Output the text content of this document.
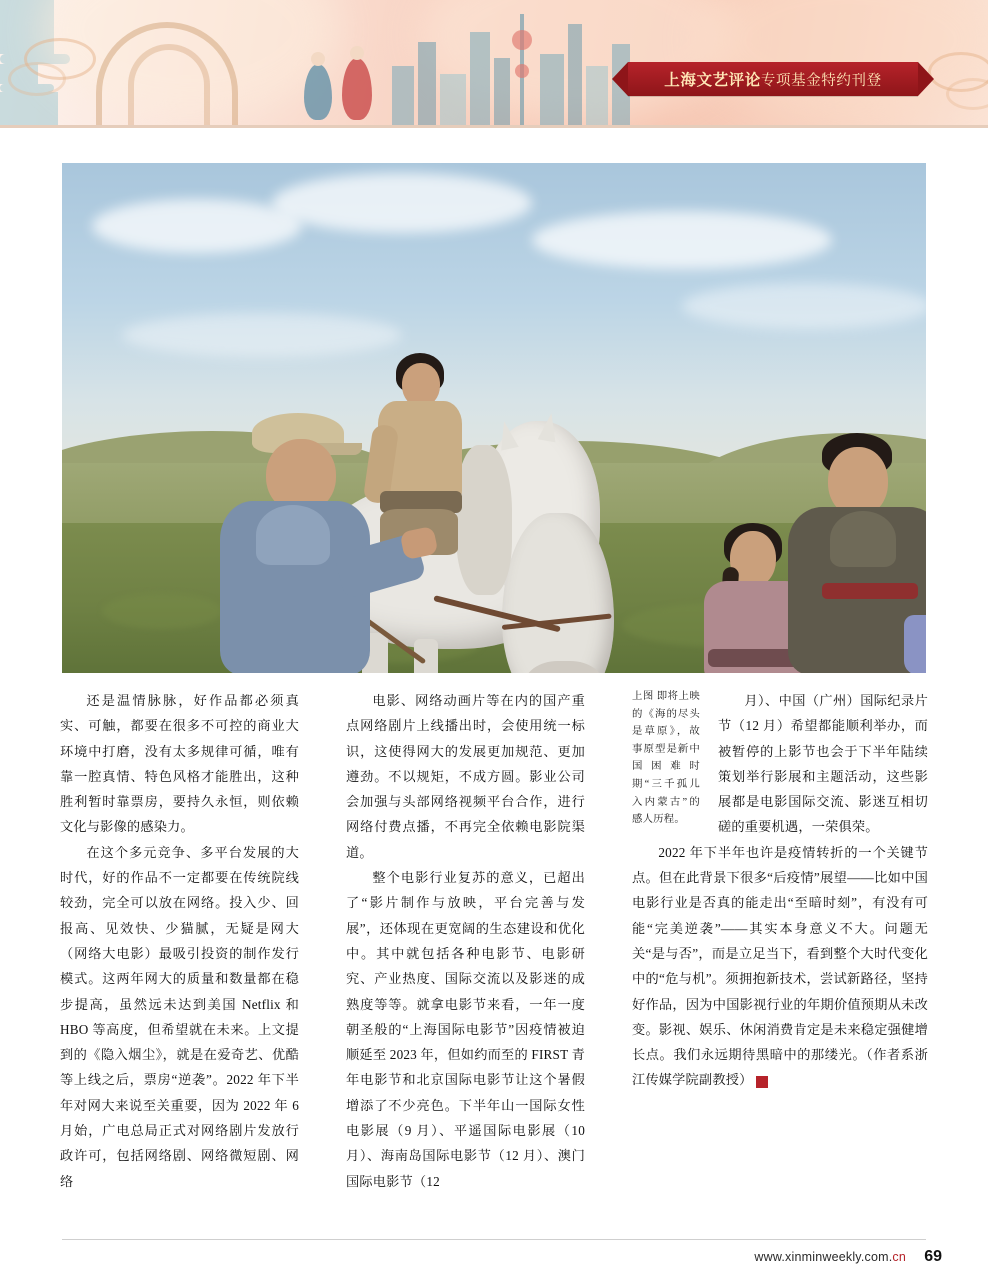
上海文艺评论专项基金特约刊登

还是温情脉脉，好作品都必须真实、可触，都要在很多不可控的商业大环境中打磨，没有太多规律可循，唯有靠一腔真情、特色风格才能胜出，这种胜利暂时靠票房，要持久永恒，则依赖文化与影像的感染力。

在这个多元竞争、多平台发展的大时代，好的作品不一定都要在传统院线较劲，完全可以放在网络。投入少、回报高、见效快、少猫腻，无疑是网大（网络大电影）最吸引投资的制作发行模式。这两年网大的质量和数量都在稳步提高，虽然远未达到美国 Netflix 和 HBO 等高度，但希望就在未来。上文提到的《隐入烟尘》，就是在爱奇艺、优酷等上线之后，票房“逆袭”。2022 年下半年对网大来说至关重要，因为 2022 年 6 月始，广电总局正式对网络剧片发放行政许可，包括网络剧、网络微短剧、网络

电影、网络动画片等在内的国产重点网络剧片上线播出时，会使用统一标识，这使得网大的发展更加规范、更加遵劲。不以规矩，不成方圆。影业公司会加强与头部网络视频平台合作，进行网络付费点播，不再完全依赖电影院渠道。

整个电影行业复苏的意义，已超出了“影片制作与放映，平台完善与发展”，还体现在更宽阔的生态建设和优化中。其中就包括各种电影节、电影研究、产业热度、国际交流以及影迷的成熟度等等。就拿电影节来看，一年一度朝圣般的“上海国际电影节”因疫情被迫顺延至 2023 年，但如约而至的 FIRST 青年电影节和北京国际电影节让这个暑假增添了不少亮色。下半年山一国际女性电影展（9 月）、平遥国际电影展（10 月）、海南岛国际电影节（12 月）、澳门国际电影节（12

上图 即将上映的《海的尽头是草原》，故事原型是新中国困难时期“三千孤儿入内蒙古”的感人历程。

月）、中国（广州）国际纪录片节（12 月）希望都能顺利举办，而被暂停的上影节也会于下半年陆续策划举行影展和主题活动，这些影展都是电影国际交流、影迷互相切磋的重要机遇，一荣俱荣。

2022 年下半年也许是疫情转折的一个关键节点。但在此背景下很多“后疫情”展望——比如中国电影行业是否真的能走出“至暗时刻”，有没有可能“完美逆袭”——其实本身意义不大。问题无关“是与否”，而是立足当下，看到整个大时代变化中的“危与机”。须拥抱新技术，尝试新路径，坚持好作品，因为中国影视行业的年期价值预期从未改变。影视、娱乐、休闲消费肯定是未来稳定强健增长点。我们永远期待黑暗中的那缕光。（作者系浙江传媒学院副教授）	新

www.xinminweekly.com.cn 69
